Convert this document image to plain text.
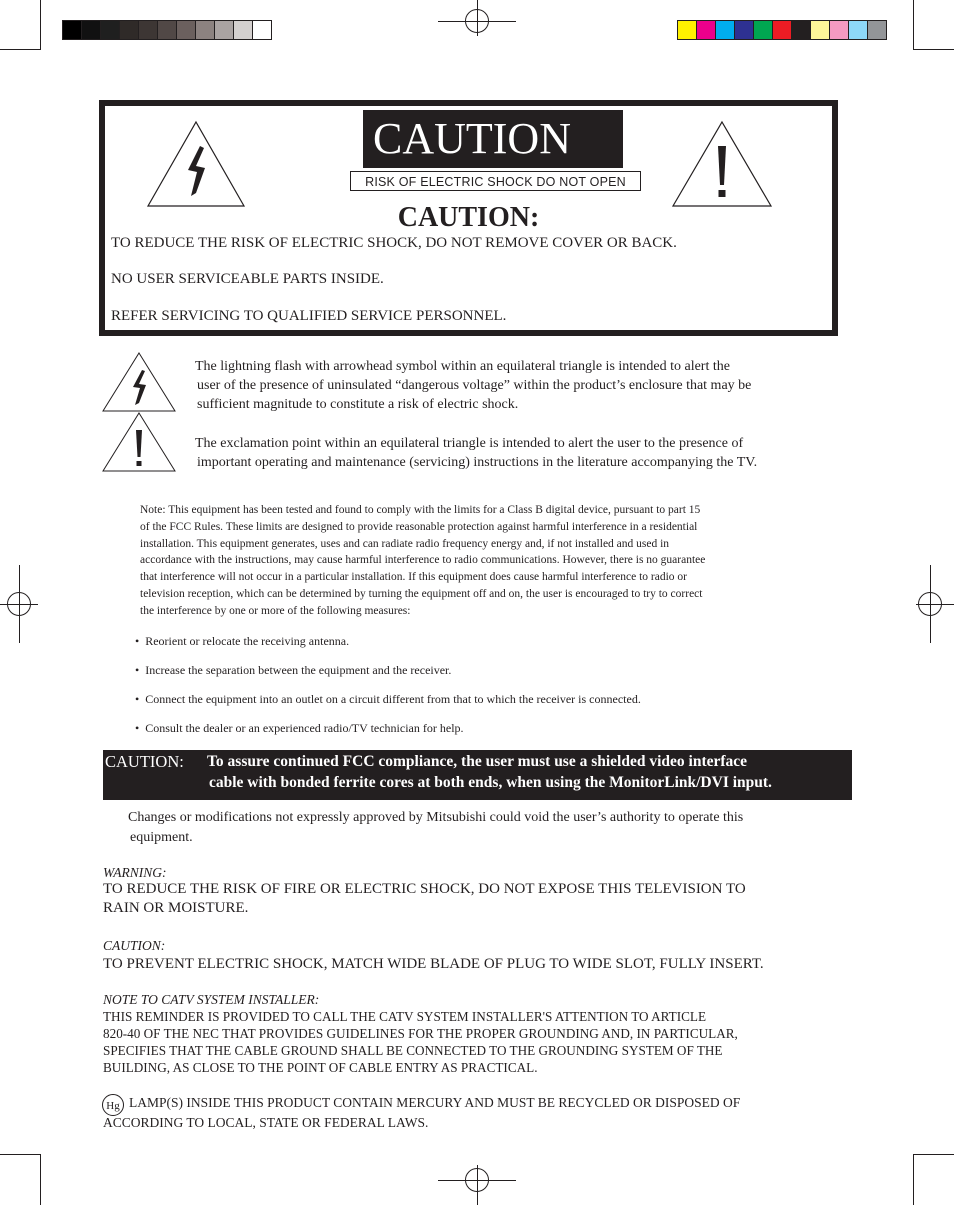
CAUTION
RISK OF ELECTRIC SHOCK DO NOT OPEN
CAUTION:
TO REDUCE THE RISK OF ELECTRIC SHOCK, DO NOT REMOVE COVER OR BACK.
NO USER SERVICEABLE PARTS INSIDE.
REFER SERVICING TO QUALIFIED SERVICE PERSONNEL.
The lightning flash with arrowhead symbol within an equilateral triangle is intended to alert the

user of the presence of uninsulated “dangerous voltage” within the product’s enclosure that may be
sufficient magnitude to constitute a risk of electric shock.
The exclamation point within an equilateral triangle is intended to alert the user to the presence of

important operating and maintenance (servicing) instructions in the literature accompanying the TV.
Note: This equipment has been tested and found to comply with the limits for a Class B digital device, pursuant to part 15
of the FCC Rules. These limits are designed to provide reasonable protection against harmful interference in a residential
installation. This equipment generates, uses and can radiate radio frequency energy and, if not installed and used in
accordance with the instructions, may cause harmful interference to radio communications. However, there is no guarantee
that interference will not occur in a particular installation. If this equipment does cause harmful interference to radio or
television reception, which can be determined by turning the equipment off and on, the user is encouraged to try to correct
the interference by one or more of the following measures:
•  Reorient or relocate the receiving antenna.
•  Increase the separation between the equipment and the receiver.
•  Connect the equipment into an outlet on a circuit different from that to which the receiver is connected.
•  Consult the dealer or an experienced radio/TV technician for help.
CAUTION: To assure continued FCC compliance, the user must use a shielded video interface
cable with bonded ferrite cores at both ends, when using the MonitorLink/DVI input.
Changes or modifications not expressly approved by Mitsubishi could void the user’s authority to operate this
equipment.
WARNING:
TO REDUCE THE RISK OF FIRE OR ELECTRIC SHOCK, DO NOT EXPOSE THIS TELEVISION TO
RAIN OR MOISTURE.
CAUTION:
TO PREVENT ELECTRIC SHOCK, MATCH WIDE BLADE OF PLUG TO WIDE SLOT, FULLY INSERT.
NOTE TO CATV SYSTEM INSTALLER:
THIS REMINDER IS PROVIDED TO CALL THE CATV SYSTEM INSTALLER'S ATTENTION TO ARTICLE
820-40 OF THE NEC THAT PROVIDES GUIDELINES FOR THE PROPER GROUNDING AND, IN PARTICULAR,
SPECIFIES THAT THE CABLE GROUND SHALL BE CONNECTED TO THE GROUNDING SYSTEM OF THE
BUILDING, AS CLOSE TO THE POINT OF CABLE ENTRY AS PRACTICAL.
Hg LAMP(S) INSIDE THIS PRODUCT CONTAIN MERCURY AND MUST BE RECYCLED OR DISPOSED OF
ACCORDING TO LOCAL, STATE OR FEDERAL LAWS.
